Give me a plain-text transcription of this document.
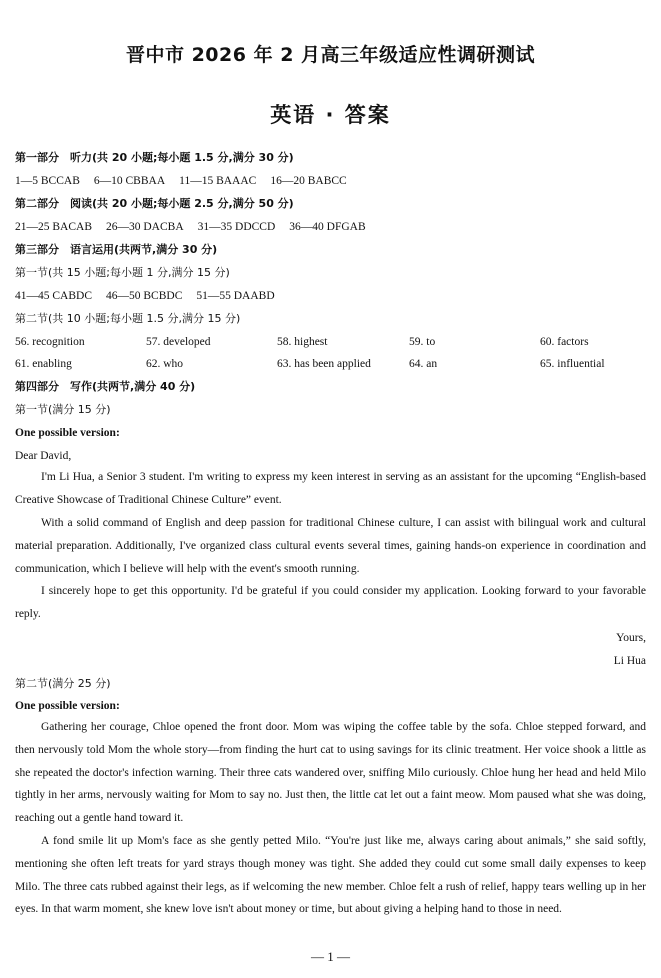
晋中市 2026 年 2 月高三年级适应性调研测试
英语 · 答案
第一部分　听力(共 20 小题;每小题 1.5 分,满分 30 分)
1—5 BCCAB 6—10 CBBAA 11—15 BAAAC 16—20 BABCC
第二部分　阅读(共 20 小题;每小题 2.5 分,满分 50 分)
21—25 BACAB 26—30 DACBA 31—35 DDCCD 36—40 DFGAB
第三部分　语言运用(共两节,满分 30 分)
第一节(共 15 小题;每小题 1 分,满分 15 分)
41—45 CABDC 46—50 BCBDC 51—55 DAABD
第二节(共 10 小题;每小题 1.5 分,满分 15 分)
56. recognition	57. developed	58. highest	59. to	60. factors
61. enabling	62. who	63. has been applied	64. an	65. influential
第四部分　写作(共两节,满分 40 分)
第一节(满分 15 分)
One possible version:
Dear David,

I'm Li Hua, a Senior 3 student. I'm writing to express my keen interest in serving as an assistant for the upcoming “English-based Creative Showcase of Traditional Chinese Culture” event.

With a solid command of English and deep passion for traditional Chinese culture, I can assist with bilingual work and cultural material preparation. Additionally, I've organized class cultural events several times, gaining hands-on experience in coordination and communication, which I believe will help with the event's smooth running.

I sincerely hope to get this opportunity. I'd be grateful if you could consider my application. Looking forward to your favorable reply.

Yours,
Li Hua
第二节(满分 25 分)
One possible version:

Gathering her courage, Chloe opened the front door. Mom was wiping the coffee table by the sofa. Chloe stepped forward, and then nervously told Mom the whole story—from finding the hurt cat to using savings for its clinic treatment. Her voice shook a little as she repeated the doctor's infection warning. Their three cats wandered over, sniffing Milo curiously. Chloe hung her head and held Milo tightly in her arms, nervously waiting for Mom to say no. Just then, the little cat let out a faint meow. Mom paused what she was doing, reaching out a gentle hand toward it.

A fond smile lit up Mom's face as she gently petted Milo. “You're just like me, always caring about animals,” she said softly, mentioning she often left treats for yard strays though money was tight. She added they could cut some small daily expenses to keep Milo. The three cats rubbed against their legs, as if welcoming the new member. Chloe felt a rush of relief, happy tears welling up in her eyes. In that warm moment, she knew love isn't about money or time, but about giving a helping hand to those in need.

— 1 —
